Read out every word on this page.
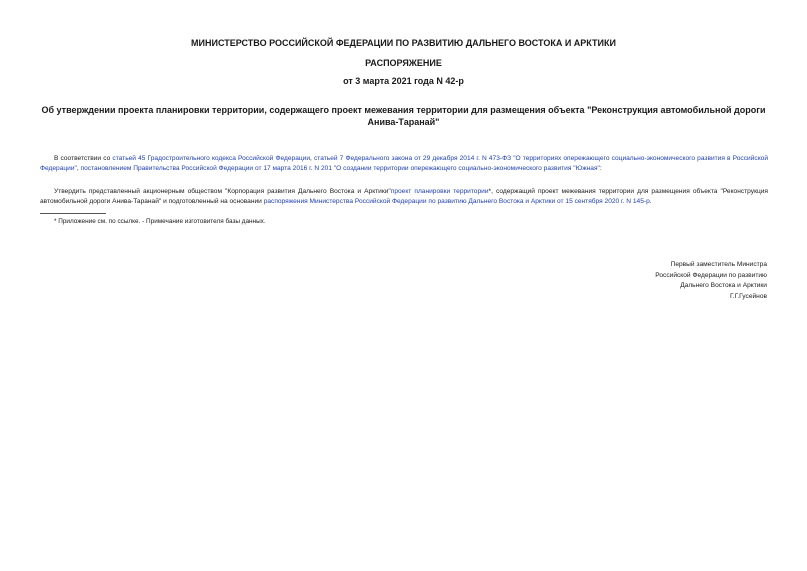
МИНИСТЕРСТВО РОССИЙСКОЙ ФЕДЕРАЦИИ ПО РАЗВИТИЮ ДАЛЬНЕГО ВОСТОКА И АРКТИКИ
РАСПОРЯЖЕНИЕ
от 3 марта 2021 года N 42-р
Об утверждении проекта планировки территории, содержащего проект межевания территории для размещения объекта "Реконструкция автомобильной дороги Анива-Таранай"

В соответствии со статьей 45 Градостроительного кодекса Российской Федерации, статьей 7 Федерального закона от 29 декабря 2014 г. N 473-ФЗ "О территориях опережающего социально-экономического развития в Российской Федерации", постановлением Правительства Российской Федерации от 17 марта 2016 г. N 201 "О создании территории опережающего социально-экономического развития "Южная":

Утвердить представленный акционерным обществом "Корпорация развития Дальнего Востока и Арктики"проект планировки территории*, содержащий проект межевания территории для размещения объекта "Реконструкция автомобильной дороги Анива-Таранай" и подготовленный на основании распоряжения Министерства Российской Федерации по развитию Дальнего Востока и Арктики от 15 сентября 2020 г. N 145-р.

* Приложение см. по ссылке. - Примечание изготовителя базы данных.
Первый заместитель Министра
Российской Федерации по развитию
Дальнего Востока и Арктики
Г.Г.Гусейнов
